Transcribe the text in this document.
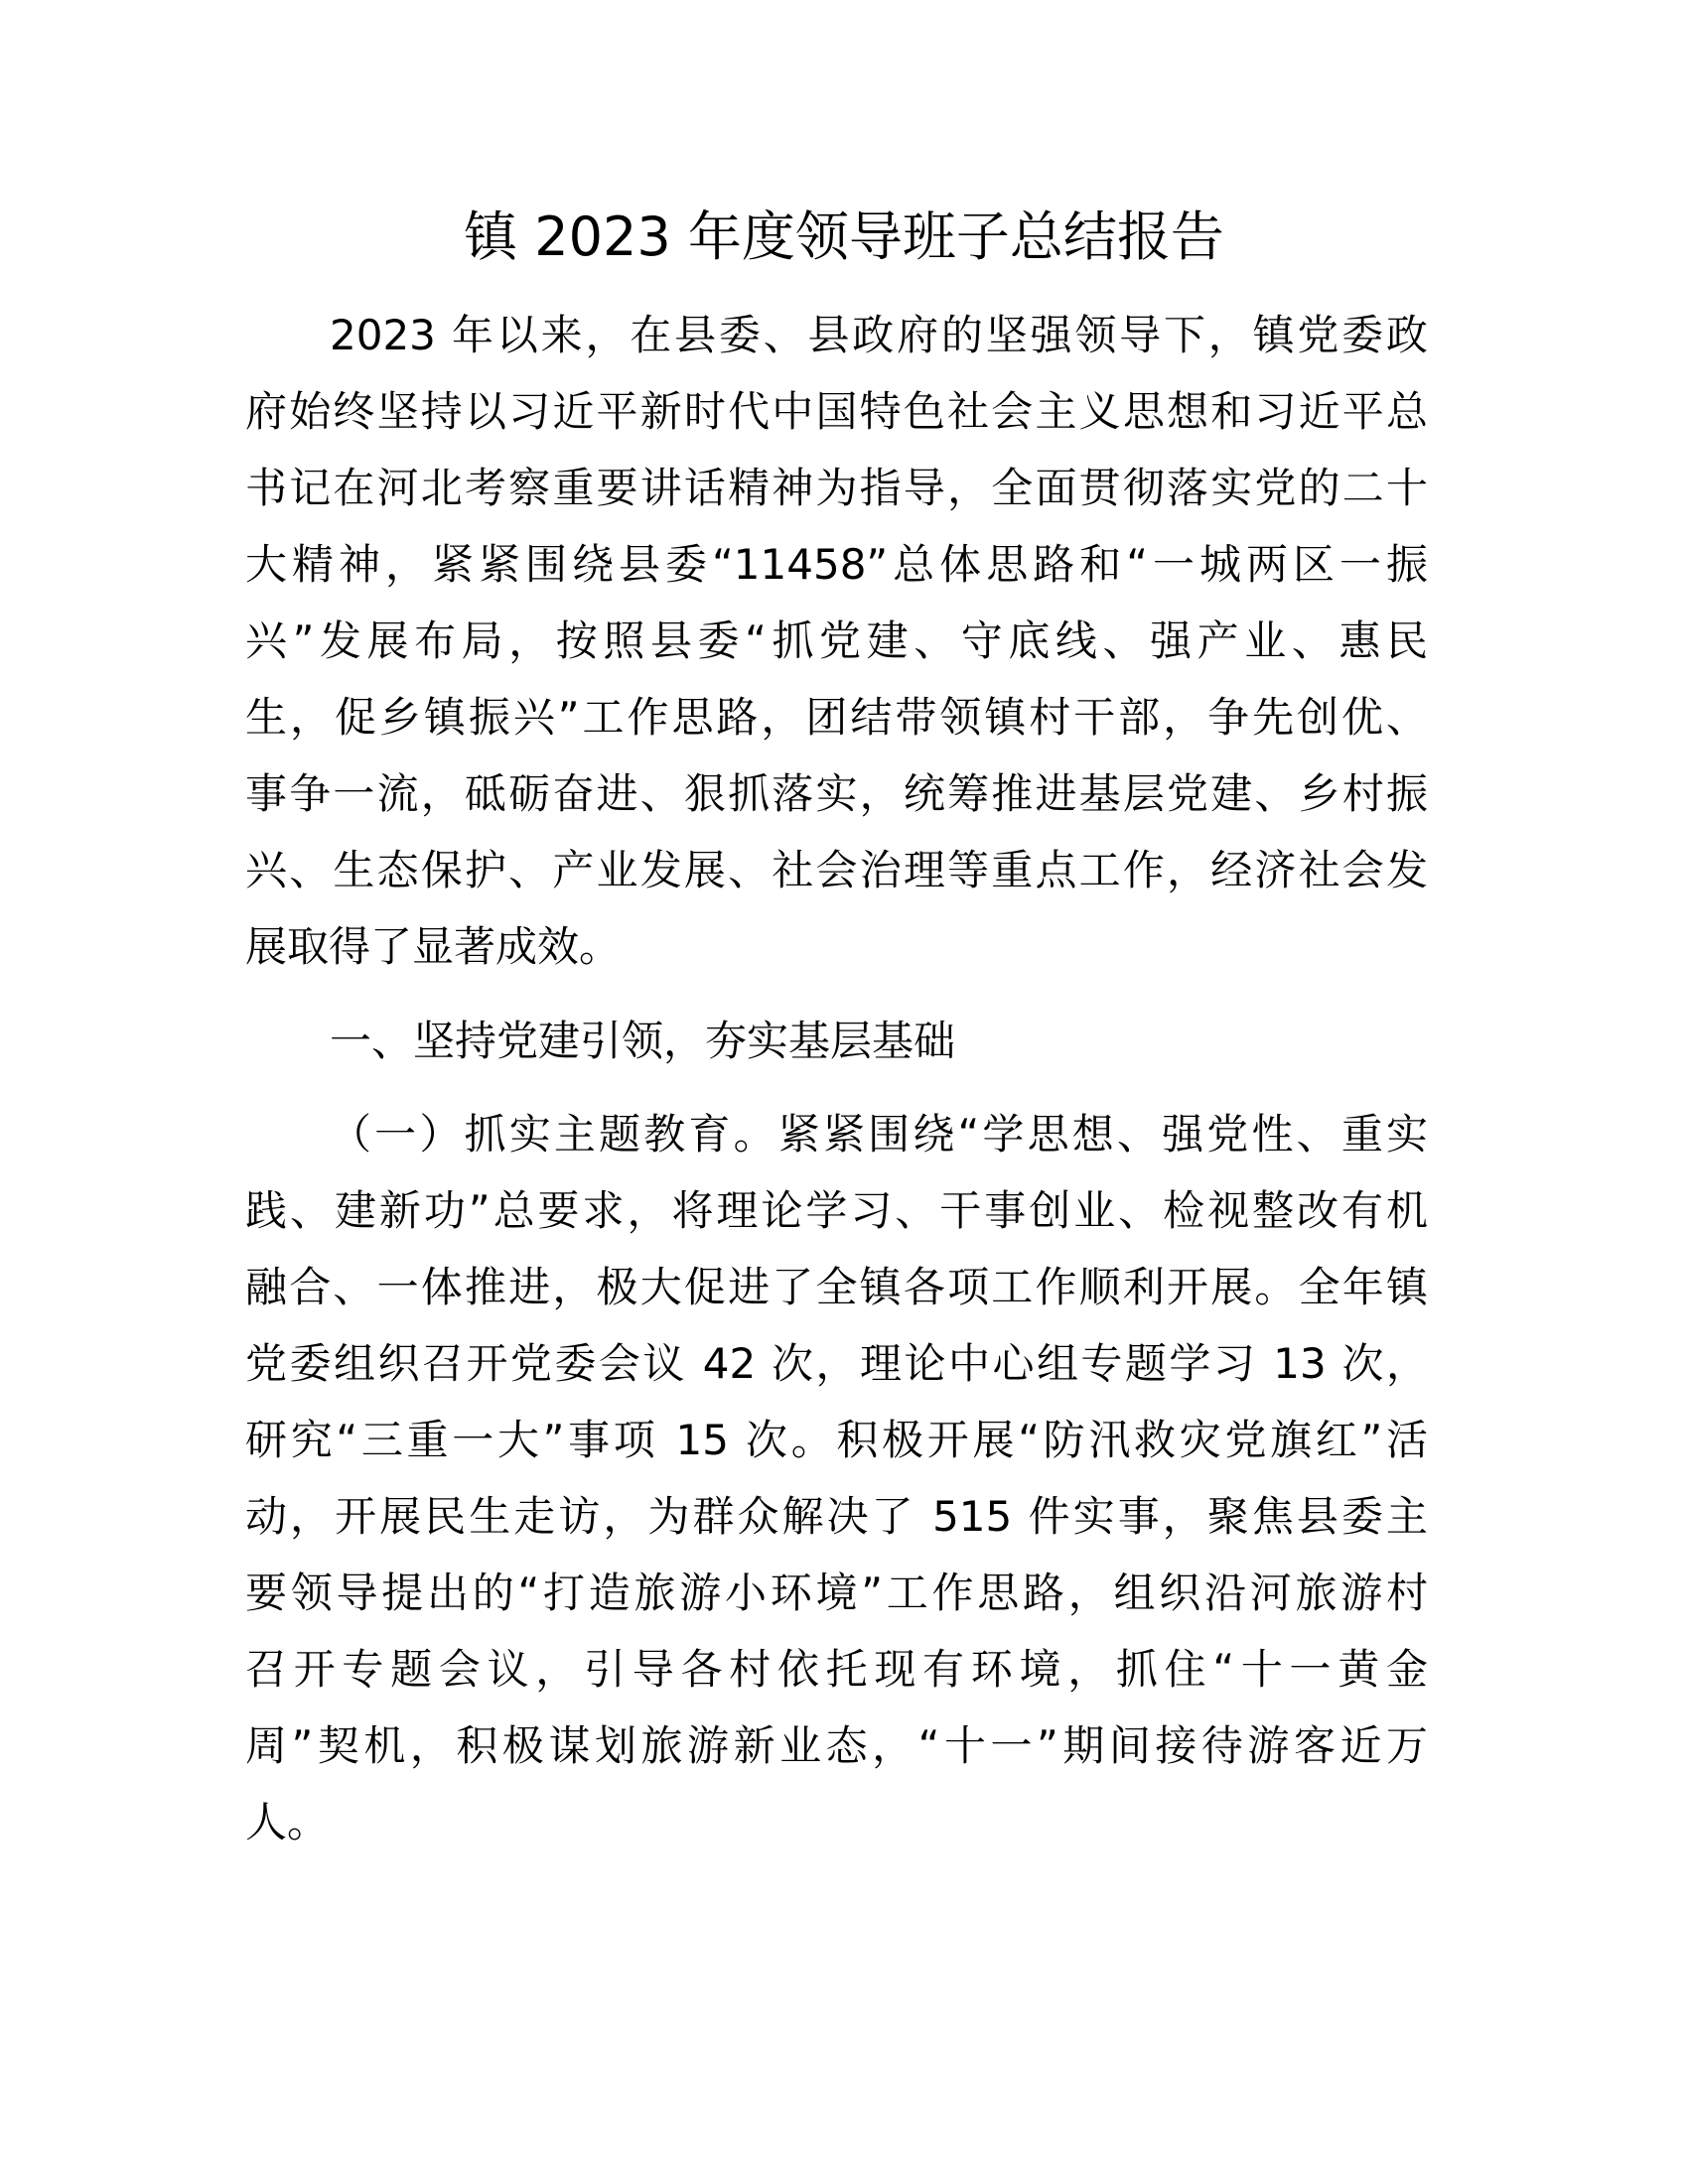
镇 2023 年度领导班子总结报告
2023 年以来，在县委、县政府的坚强领导下，镇党委政
府始终坚持以习近平新时代中国特色社会主义思想和习近平总
书记在河北考察重要讲话精神为指导，全面贯彻落实党的二十
大精神，紧紧围绕县委“11458”总体思路和“一城两区一振
兴”发展布局，按照县委“抓党建、守底线、强产业、惠民
生，促乡镇振兴”工作思路，团结带领镇村干部，争先创优、
事争一流，砥砺奋进、狠抓落实，统筹推进基层党建、乡村振
兴、生态保护、产业发展、社会治理等重点工作，经济社会发
展取得了显著成效。
一、坚持党建引领，夯实基层基础
（一）抓实主题教育。紧紧围绕“学思想、强党性、重实
践、建新功”总要求，将理论学习、干事创业、检视整改有机
融合、一体推进，极大促进了全镇各项工作顺利开展。全年镇
党委组织召开党委会议 42 次，理论中心组专题学习 13 次，
研究“三重一大”事项 15 次。积极开展“防汛救灾党旗红”活
动，开展民生走访，为群众解决了 515 件实事，聚焦县委主
要领导提出的“打造旅游小环境”工作思路，组织沿河旅游村
召开专题会议，引导各村依托现有环境，抓住“十一黄金
周”契机，积极谋划旅游新业态，“十一”期间接待游客近万
人。
